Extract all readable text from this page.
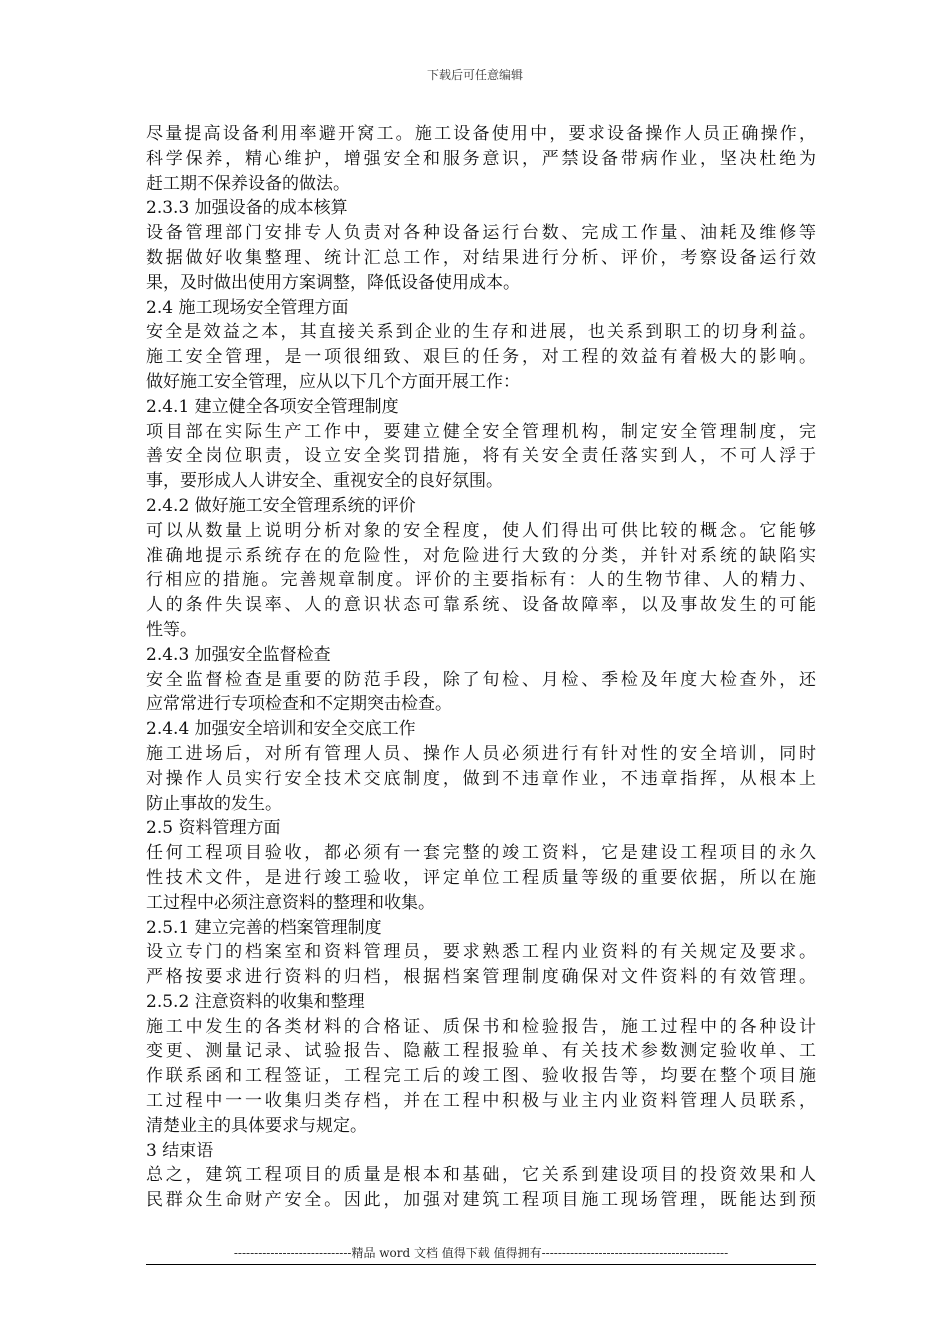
下载后可任意编辑
尽量提高设备利用率避开窝工。施工设备使用中，要求设备操作人员正确操作，
科学保养，精心维护，增强安全和服务意识，严禁设备带病作业，坚决杜绝为
赶工期不保养设备的做法。
2.3.3 加强设备的成本核算
设备管理部门安排专人负责对各种设备运行台数、完成工作量、油耗及维修等
数据做好收集整理、统计汇总工作，对结果进行分析、评价，考察设备运行效
果，及时做出使用方案调整，降低设备使用成本。
2.4 施工现场安全管理方面
安全是效益之本，其直接关系到企业的生存和进展，也关系到职工的切身利益。
施工安全管理，是一项很细致、艰巨的任务，对工程的效益有着极大的影响。
做好施工安全管理，应从以下几个方面开展工作：
2.4.1 建立健全各项安全管理制度
项目部在实际生产工作中，要建立健全安全管理机构，制定安全管理制度，完
善安全岗位职责，设立安全奖罚措施，将有关安全责任落实到人，不可人浮于
事，要形成人人讲安全、重视安全的良好氛围。
2.4.2 做好施工安全管理系统的评价
可以从数量上说明分析对象的安全程度，使人们得出可供比较的概念。它能够
准确地提示系统存在的危险性，对危险进行大致的分类，并针对系统的缺陷实
行相应的措施。完善规章制度。评价的主要指标有：人的生物节律、人的精力、
人的条件失误率、人的意识状态可靠系统、设备故障率，以及事故发生的可能
性等。
2.4.3 加强安全监督检查
安全监督检查是重要的防范手段，除了旬检、月检、季检及年度大检查外，还
应常常进行专项检查和不定期突击检查。
2.4.4 加强安全培训和安全交底工作
施工进场后，对所有管理人员、操作人员必须进行有针对性的安全培训，同时
对操作人员实行安全技术交底制度，做到不违章作业，不违章指挥，从根本上
防止事故的发生。
2.5 资料管理方面
任何工程项目验收，都必须有一套完整的竣工资料，它是建设工程项目的永久
性技术文件，是进行竣工验收，评定单位工程质量等级的重要依据，所以在施
工过程中必须注意资料的整理和收集。
2.5.1 建立完善的档案管理制度
设立专门的档案室和资料管理员，要求熟悉工程内业资料的有关规定及要求。
严格按要求进行资料的归档，根据档案管理制度确保对文件资料的有效管理。
2.5.2 注意资料的收集和整理
施工中发生的各类材料的合格证、质保书和检验报告，施工过程中的各种设计
变更、测量记录、试验报告、隐蔽工程报验单、有关技术参数测定验收单、工
作联系函和工程签证，工程完工后的竣工图、验收报告等，均要在整个项目施
工过程中一一收集归类存档，并在工程中积极与业主内业资料管理人员联系，
清楚业主的具体要求与规定。
3 结束语
总之，建筑工程项目的质量是根本和基础，它关系到建设项目的投资效果和人
民群众生命财产安全。因此，加强对建筑工程项目施工现场管理，既能达到预
-----------------------------精品 word 文档 值得下载 值得拥有----------------------------------------------
